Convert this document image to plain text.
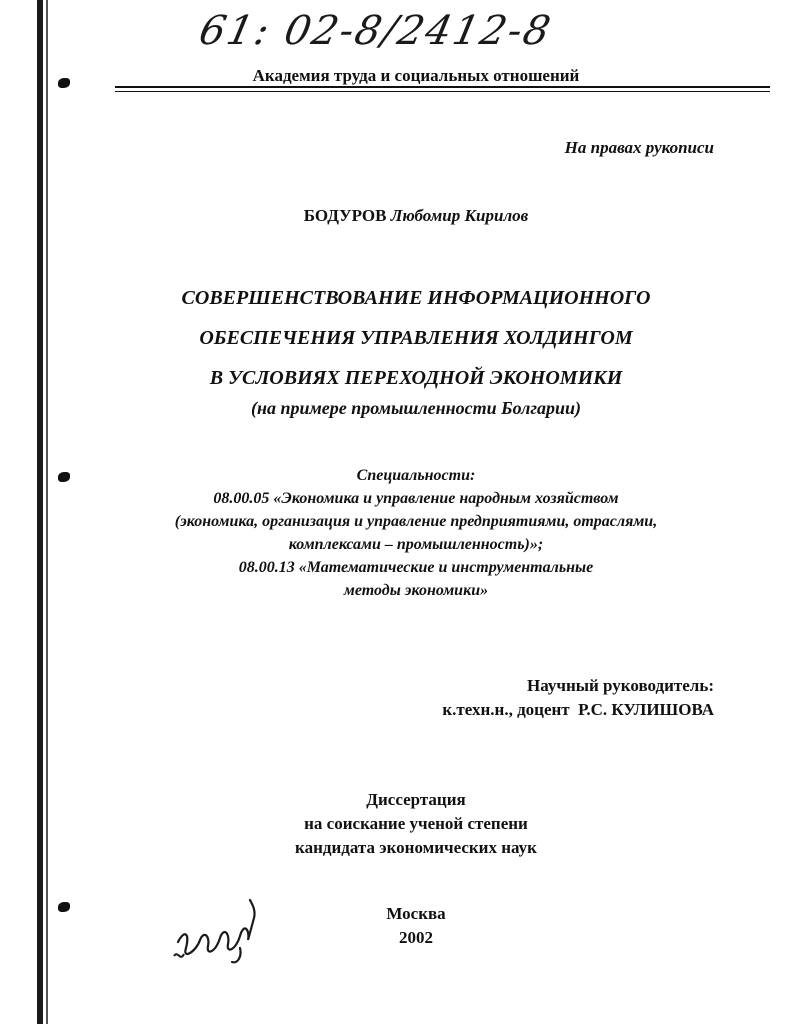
61: 02-8/2412-8
Академия труда и социальных отношений
На правах рукописи
БОДУРОВ Любомир Кирилов
СОВЕРШЕНСТВОВАНИЕ ИНФОРМАЦИОННОГО
ОБЕСПЕЧЕНИЯ УПРАВЛЕНИЯ ХОЛДИНГОМ
В УСЛОВИЯХ ПЕРЕХОДНОЙ ЭКОНОМИКИ
(на примере промышленности Болгарии)
Специальности:
08.00.05 «Экономика и управление народным хозяйством
(экономика, организация и управление предприятиями, отраслями,
комплексами – промышленность)»;
08.00.13 «Математические и инструментальные
методы экономики»
Научный руководитель:
к.техн.н., доцент  Р.С. КУЛИШОВА
Диссертация
на соискание ученой степени
кандидата экономических наук
Москва
2002
